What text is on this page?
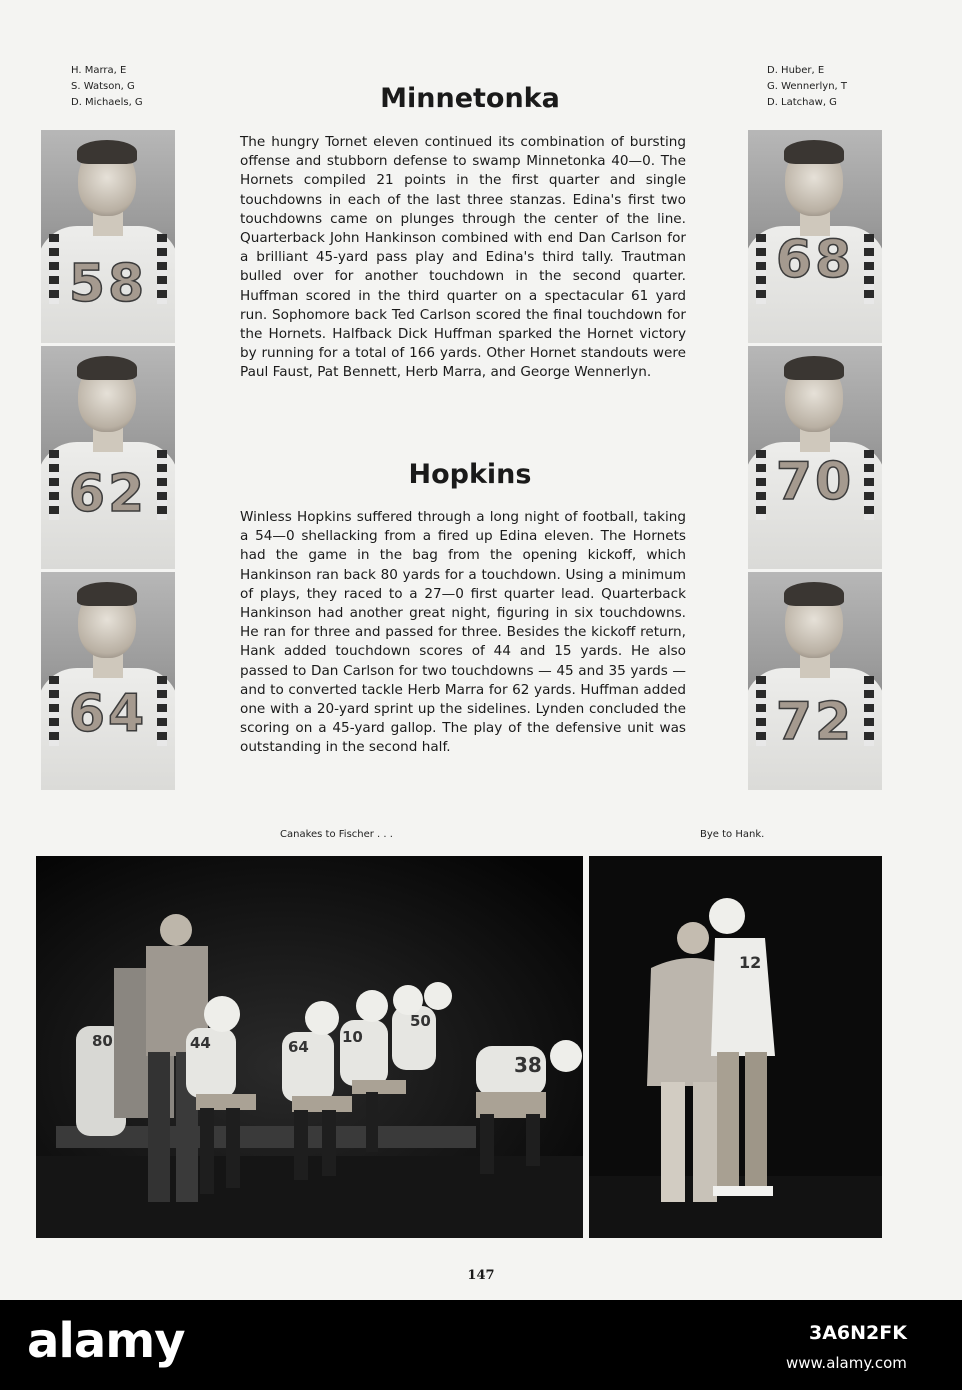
H. Marra, E
S. Watson, G
D. Michaels, G
D. Huber, E
G. Wennerlyn, T
D. Latchaw, G
Minnetonka

The hungry Tornet eleven continued its combination of bursting offense and stubborn defense to swamp Minnetonka 40—0. The Hornets compiled 21 points in the first quarter and single touchdowns in each of the last three stanzas. Edina's first two touchdowns came on plunges through the center of the line. Quarterback John Hankinson combined with end Dan Carlson for a brilliant 45-yard pass play and Edina's third tally. Trautman bulled over for another touchdown in the second quarter. Huffman scored in the third quarter on a spectacular 61 yard run. Sophomore back Ted Carlson scored the final touchdown for the Hornets. Halfback Dick Huffman sparked the Hornet victory by running for a total of 166 yards. Other Hornet standouts were Paul Faust, Pat Bennett, Herb Marra, and George Wennerlyn.

Hopkins

Winless Hopkins suffered through a long night of football, taking a 54—0 shellacking from a fired up Edina eleven. The Hornets had the game in the bag from the opening kickoff, which Hankinson ran back 80 yards for a touchdown. Using a minimum of plays, they raced to a 27—0 first quarter lead. Quarterback Hankinson had another great night, figuring in six touchdowns. He ran for three and passed for three. Besides the kickoff return, Hank added touchdown scores of 44 and 15 yards. He also passed to Dan Carlson for two touchdowns — 45 and 35 yards — and to converted tackle Herb Marra for 62 yards. Huffman added one with a 20-yard sprint up the sidelines. Lynden concluded the scoring on a 45-yard gallop. The play of the defensive unit was outstanding in the second half.

58
62
64
68
70
72
Canakes to Fischer . . .	Bye to Hank.
80	44	64
10
50
38
12
147
alamy	3A6N2FK
www.alamy.com
